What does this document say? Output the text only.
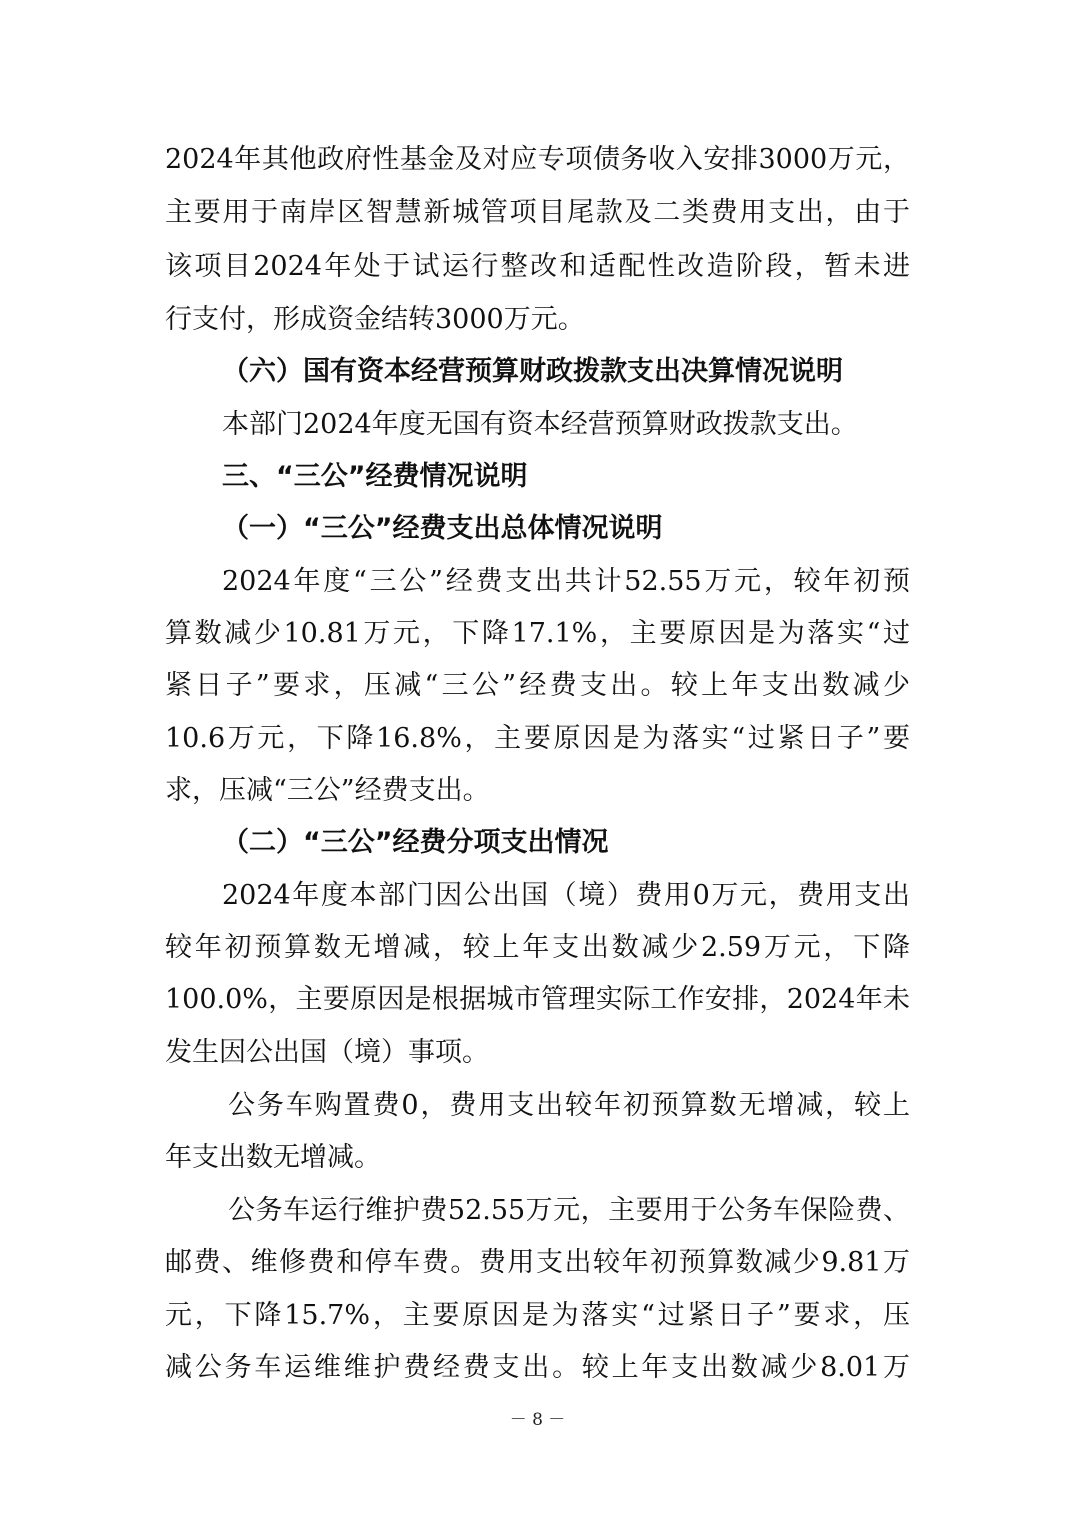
2024年其他政府性基金及对应专项债务收入安排3000万元，
主要用于南岸区智慧新城管项目尾款及二类费用支出，由于
该项目2024年处于试运行整改和适配性改造阶段，暂未进
行支付，形成资金结转3000万元。
（六）国有资本经营预算财政拨款支出决算情况说明
本部门2024年度无国有资本经营预算财政拨款支出。
三、“三公”经费情况说明
（一）“三公”经费支出总体情况说明
2024年度“三公”经费支出共计52.55万元，较年初预
算数减少10.81万元，下降17.1%，主要原因是为落实“过
紧日子”要求，压减“三公”经费支出。较上年支出数减少
10.6万元，下降16.8%，主要原因是为落实“过紧日子”要
求，压减“三公”经费支出。
（二）“三公”经费分项支出情况
2024年度本部门因公出国（境）费用0万元，费用支出
较年初预算数无增减，较上年支出数减少2.59万元，下降
100.0%，主要原因是根据城市管理实际工作安排，2024年未
发生因公出国（境）事项。
公务车购置费0，费用支出较年初预算数无增减，较上
年支出数无增减。
公务车运行维护费52.55万元，主要用于公务车保险费、
邮费、维修费和停车费。费用支出较年初预算数减少9.81万
元，下降15.7%，主要原因是为落实“过紧日子”要求，压
减公务车运维维护费经费支出。较上年支出数减少8.01万
－ 8 －
